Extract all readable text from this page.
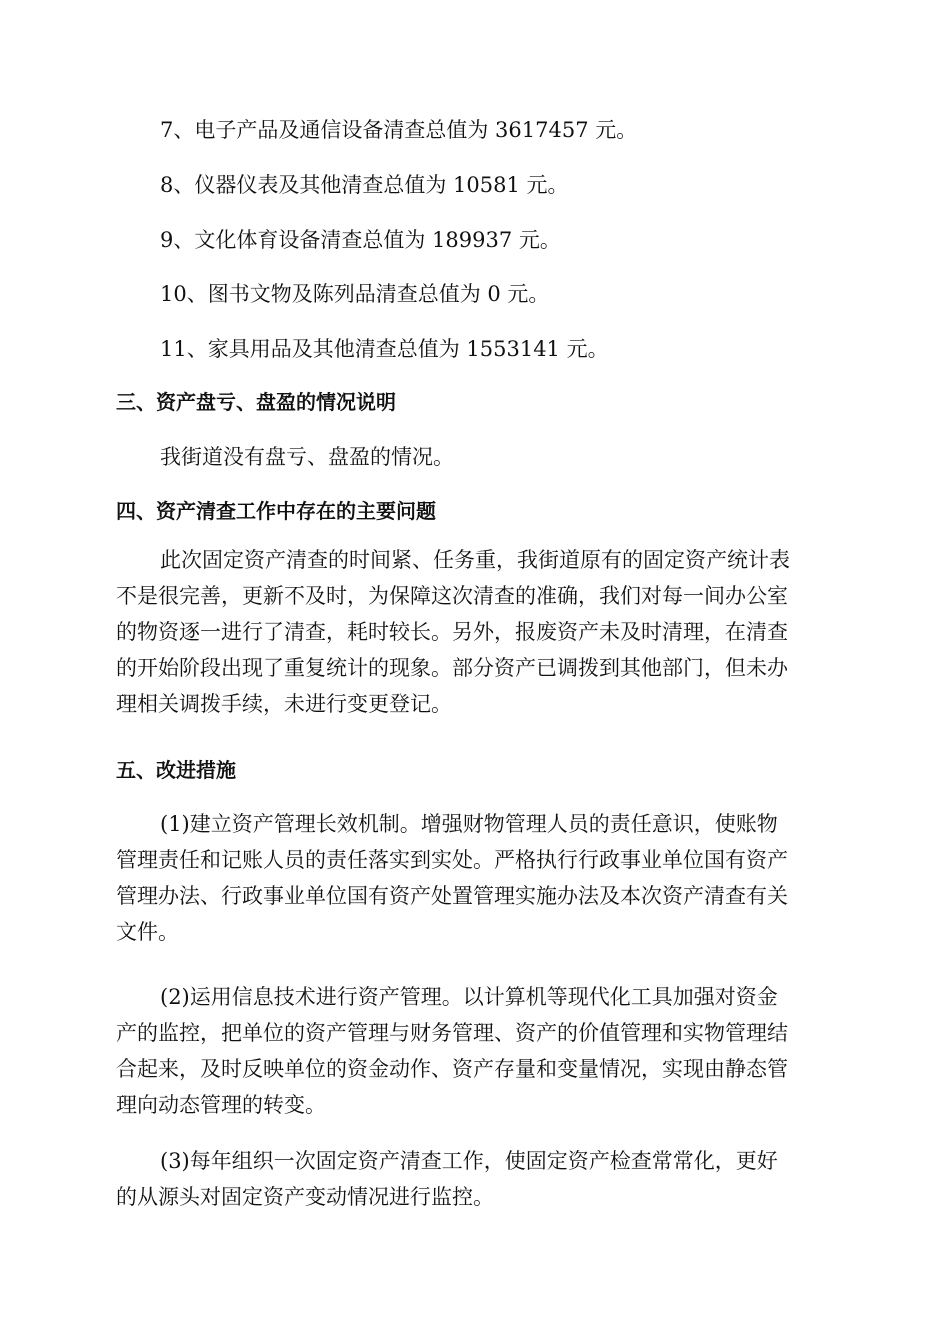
7、电子产品及通信设备清查总值为 3617457 元。
8、仪器仪表及其他清查总值为 10581 元。
9、文化体育设备清查总值为 189937 元。
10、图书文物及陈列品清查总值为 0 元。
11、家具用品及其他清查总值为 1553141 元。
三、资产盘亏、盘盈的情况说明
我街道没有盘亏、盘盈的情况。
四、资产清查工作中存在的主要问题
此次固定资产清查的时间紧、任务重，我街道原有的固定资产统计表
不是很完善，更新不及时，为保障这次清查的准确，我们对每一间办公室
的物资逐一进行了清查，耗时较长。另外，报废资产未及时清理，在清查
的开始阶段出现了重复统计的现象。部分资产已调拨到其他部门，但未办
理相关调拨手续，未进行变更登记。
五、改进措施
(1)建立资产管理长效机制。增强财物管理人员的责任意识，使账物
管理责任和记账人员的责任落实到实处。严格执行行政事业单位国有资产
管理办法、行政事业单位国有资产处置管理实施办法及本次资产清查有关
文件。
(2)运用信息技术进行资产管理。以计算机等现代化工具加强对资金
产的监控，把单位的资产管理与财务管理、资产的价值管理和实物管理结
合起来，及时反映单位的资金动作、资产存量和变量情况，实现由静态管
理向动态管理的转变。
(3)每年组织一次固定资产清查工作，使固定资产检查常常化，更好
的从源头对固定资产变动情况进行监控。
